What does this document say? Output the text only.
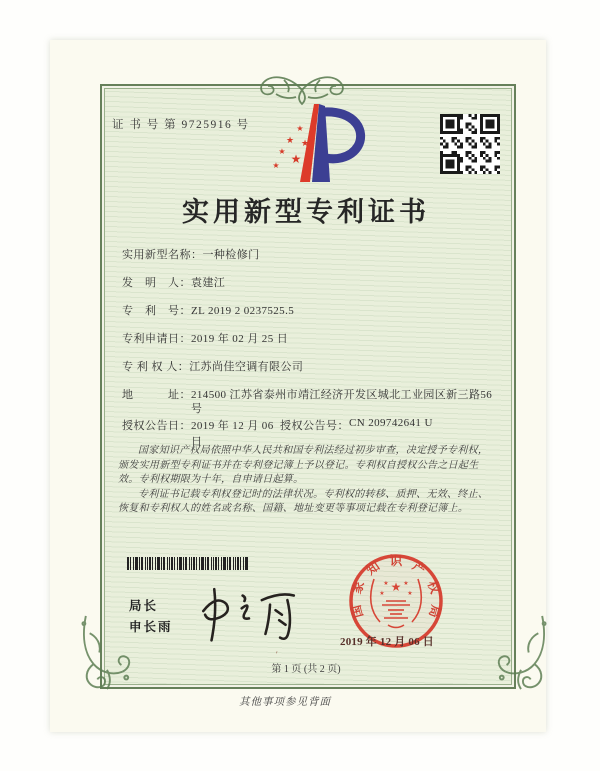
证 书 号 第 9725916 号	★
★ ★
★
★
★
实用新型专利证书
实用新型名称： 一种检修门
发　明　人： 袁建江
专　利　号： ZL 2019 2 0237525.5
专利申请日： 2019 年 02 月 25 日
专 利 权 人： 江苏尚佳空调有限公司
地　　　址： 214500 江苏省泰州市靖江经济开发区城北工业园区新三路56号
授权公告日： 2019 年 12 月 06 日
授权公告号： CN 209742641 U

国家知识产权局依照中华人民共和国专利法经过初步审查，决定授予专利权，颁发实用新型专利证书并在专利登记簿上予以登记。专利权自授权公告之日起生效。专利权期限为十年，自申请日起算。

专利证书记载专利权登记时的法律状况。专利权的转移、质押、无效、终止、恢复和专利权人的姓名或名称、国籍、地址变更等事项记载在专利登记簿上。

局长
申长雨
国
家
知 识 产
权
局
★
★ ★
★	★
2019 年 12 月 06 日
′
第 1 页 (共 2 页)
其他事项参见背面
